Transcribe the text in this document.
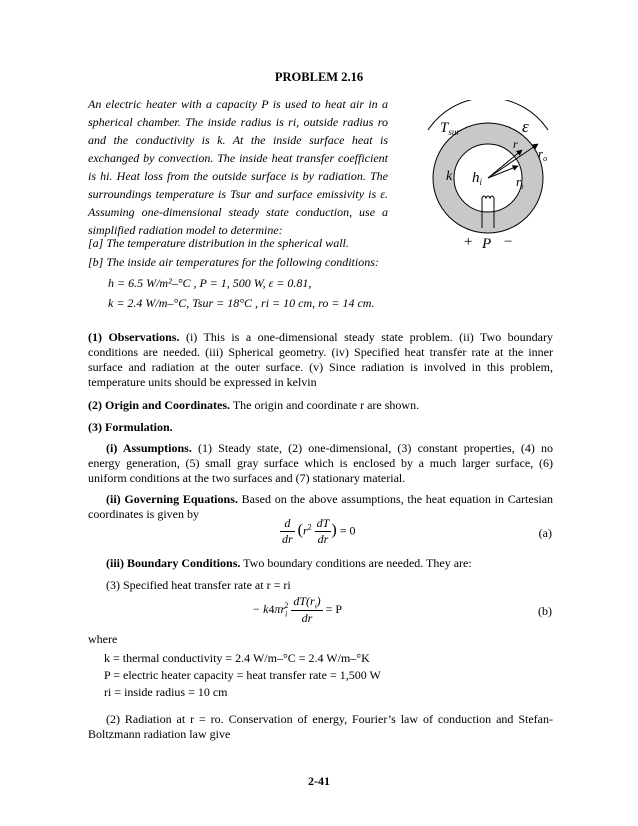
PROBLEM 2.16

An electric heater with a capacity P is used to heat air in a spherical chamber. The inside radius is ri, outside radius ro and the conductivity is k. At the inside surface heat is exchanged by convection. The inside heat transfer coefficient is hi. Heat loss from the outside surface is by radiation. The surroundings temperature is Tsur and surface emissivity is ε. Assuming one-dimensional steady state conduction, use a simplified radiation model to determine:

$T_{sur}$	ε
r
$r_o$
k $h_i$	$r_i$
+ P −
[a] The temperature distribution in the spherical wall.
[b] The inside air temperatures for the following conditions:
h = 6.5 W/m²–°C , P = 1, 500 W, ε = 0.81,
k = 2.4 W/m–°C, Tsur = 18°C , ri = 10 cm, ro = 14 cm.

(1) Observations. (i) This is a one-dimensional steady state problem. (ii) Two boundary conditions are needed. (iii) Spherical geometry. (iv) Specified heat transfer rate at the inner surface and radiation at the outer surface. (v) Since radiation is involved in this problem, temperature units should be expressed in kelvin

(2) Origin and Coordinates. The origin and coordinate r are shown.

(3) Formulation.

(i) Assumptions. (1) Steady state, (2) one-dimensional, (3) constant properties, (4) no energy generation, (5) small gray surface which is enclosed by a much larger surface, (6) uniform conditions at the two surfaces and (7) stationary material.

(ii) Governing Equations. Based on the above assumptions, the heat equation in Cartesian coordinates is given by

$\frac{d}{dr} (r^2 \frac{dT}{dr}$ ) = 0	(a)

(iii) Boundary Conditions. Two boundary conditions are needed. They are:

(3) Specified heat transfer rate at r = ri
− $k4\pi r_i^2 \frac{dT(r_i)}{dr} = P$	(b)
where
k = thermal conductivity = 2.4 W/m–°C = 2.4 W/m–°K
P = electric heater capacity = heat transfer rate = 1,500 W
ri = inside radius = 10 cm

(2) Radiation at r = ro. Conservation of energy, Fourier’s law of conduction and Stefan-Boltzmann radiation law give

2-41
